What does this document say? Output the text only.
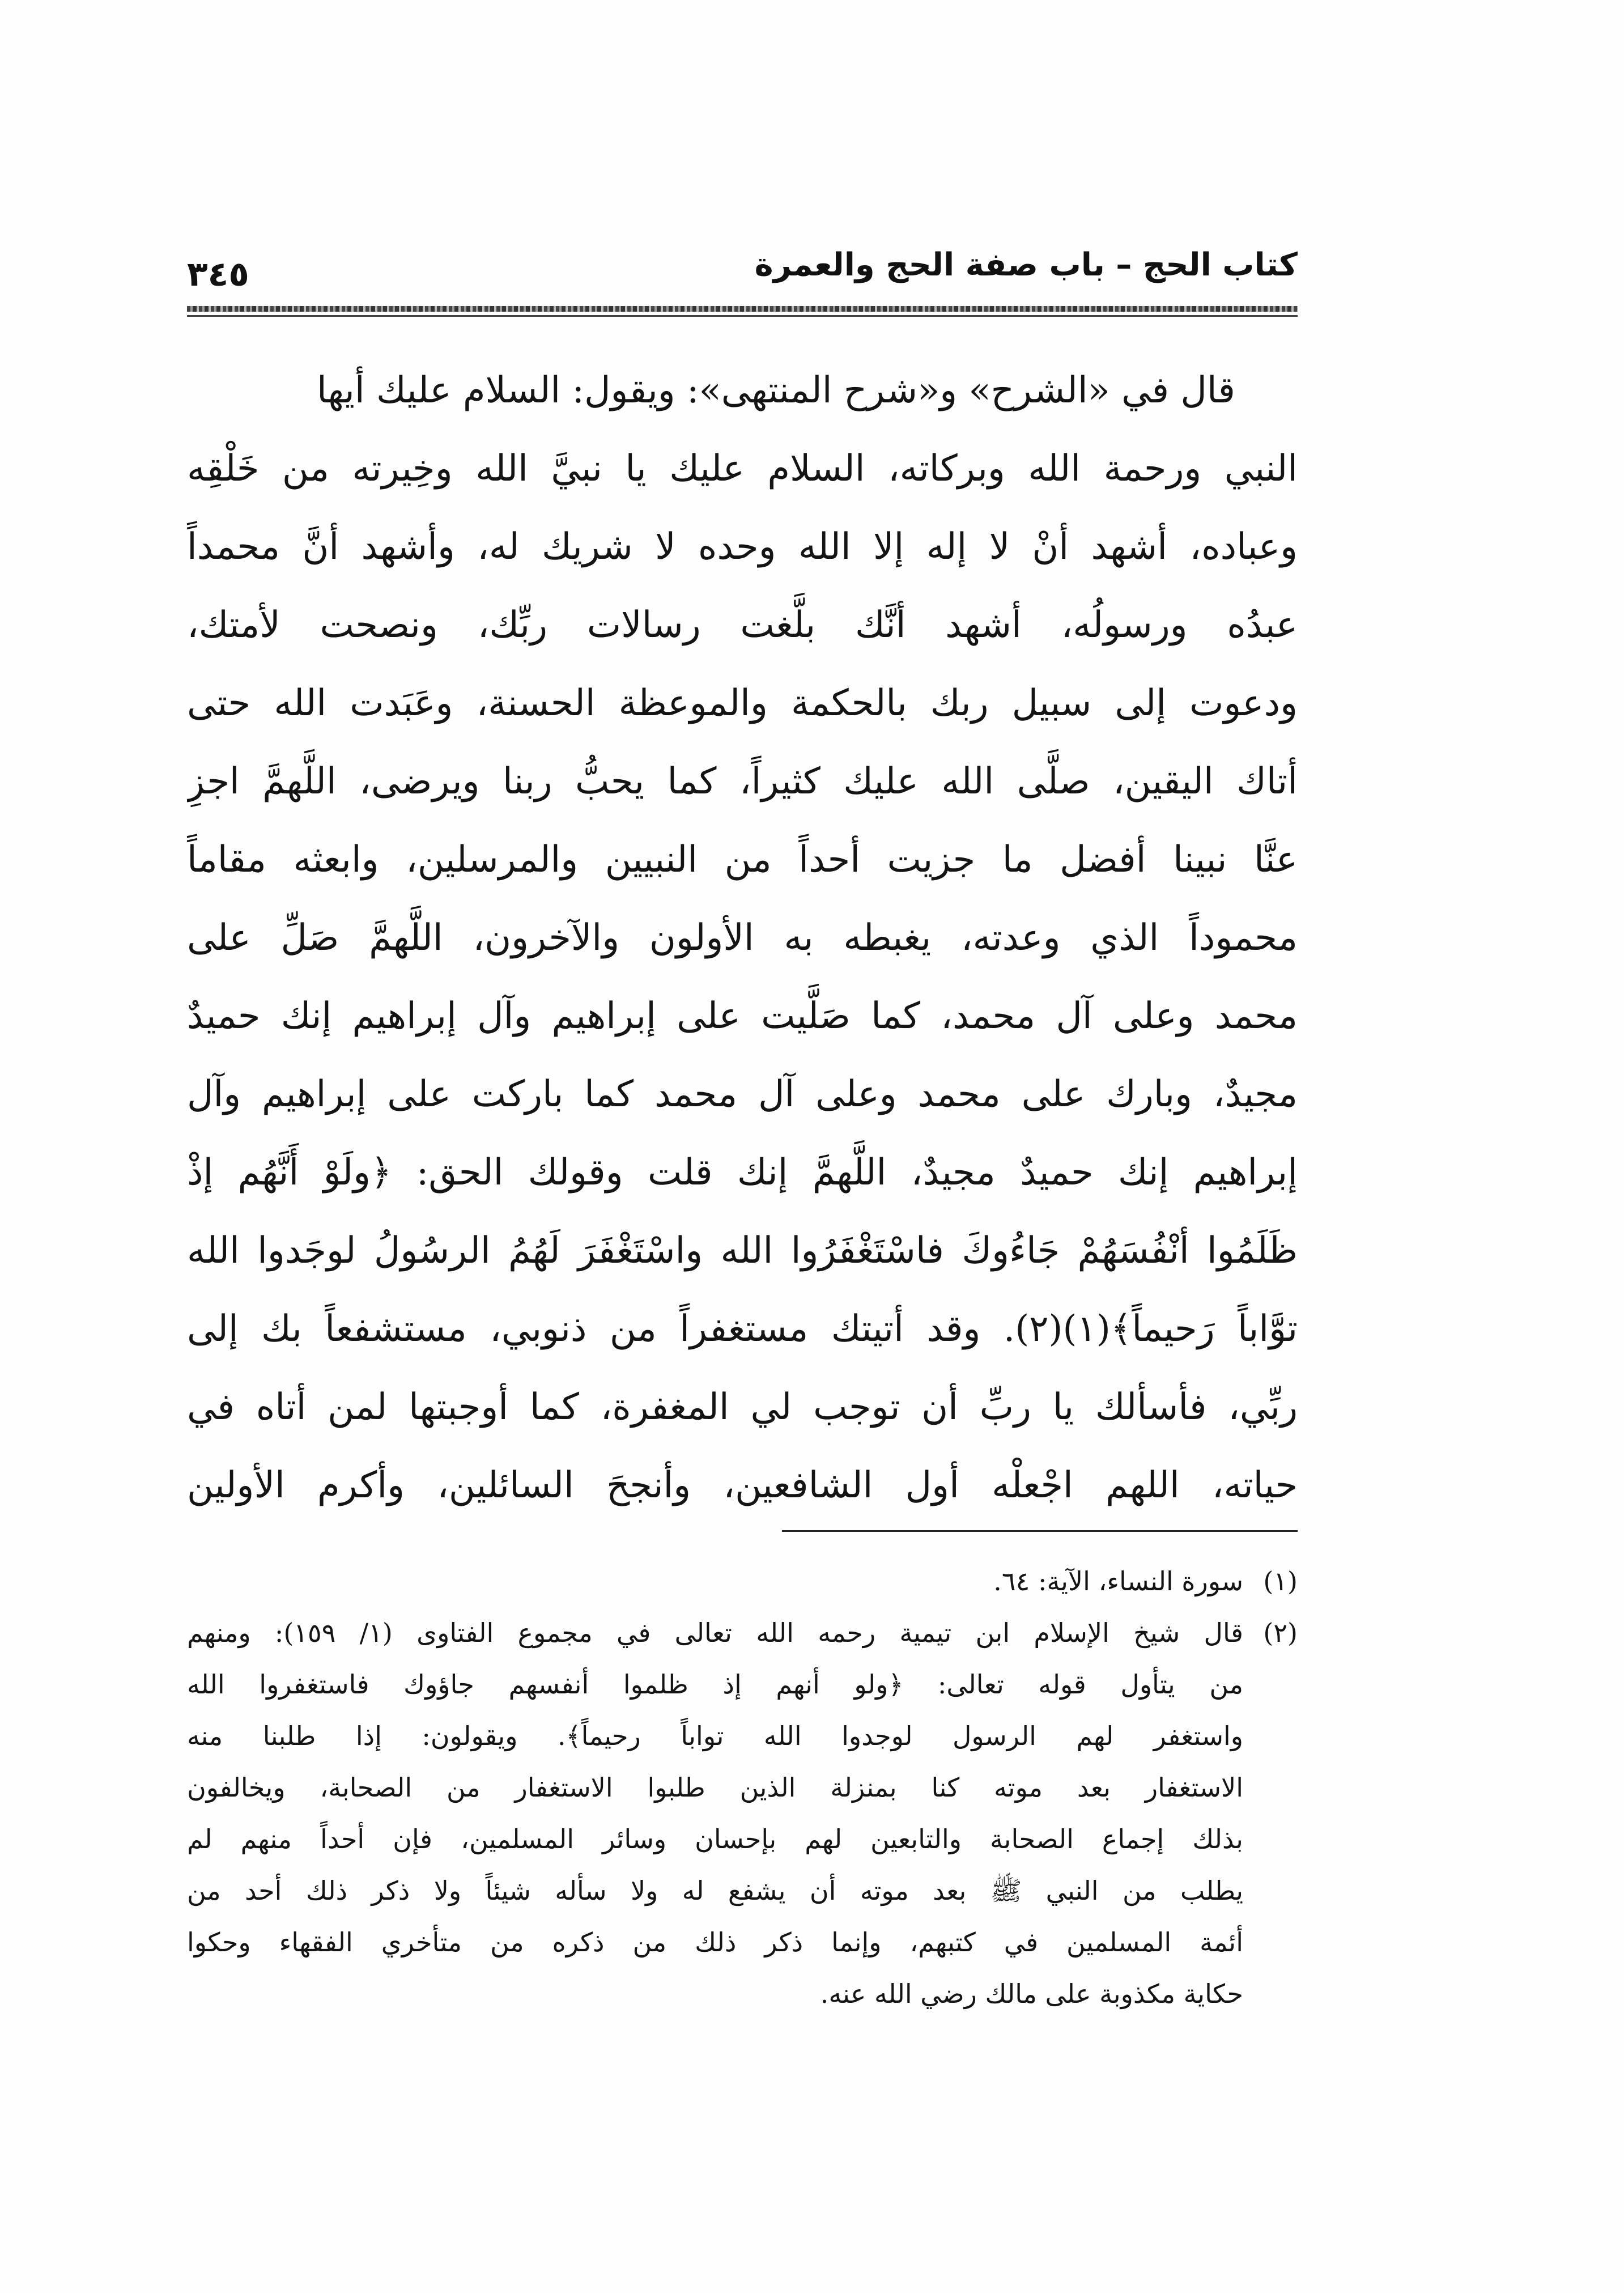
كتاب الحج – باب صفة الحج والعمرة
٣٤٥
قال في «الشرح» و«شرح المنتهى»: ويقول: السلام عليك أيها
النبي ورحمة الله وبركاته، السلام عليك يا نبيَّ الله وخِيرته من خَلْقِه
وعباده، أشهد أنْ لا إله إلا الله وحده لا شريك له، وأشهد أنَّ محمداً
عبدُه ورسولُه، أشهد أنَّك بلَّغت رسالات ربِّك، ونصحت لأمتك،
ودعوت إلى سبيل ربك بالحكمة والموعظة الحسنة، وعَبَدت الله حتى
أتاك اليقين، صلَّى الله عليك كثيراً، كما يحبُّ ربنا ويرضى، اللَّهمَّ اجزِ
عنَّا نبينا أفضل ما جزيت أحداً من النبيين والمرسلين، وابعثه مقاماً
محموداً الذي وعدته، يغبطه به الأولون والآخرون، اللَّهمَّ صَلِّ على
محمد وعلى آل محمد، كما صَلَّيت على إبراهيم وآل إبراهيم إنك حميدٌ
مجيدٌ، وبارك على محمد وعلى آل محمد كما باركت على إبراهيم وآل
إبراهيم إنك حميدٌ مجيدٌ، اللَّهمَّ إنك قلت وقولك الحق: ﴿ولَوْ أَنَّهُم إذْ
ظَلَمُوا أنْفُسَهُمْ جَاءُوكَ فاسْتَغْفَرُوا الله واسْتَغْفَرَ لَهُمُ الرسُولُ لوجَدوا الله
توَّاباً رَحيماً﴾(١)(٢). وقد أتيتك مستغفراً من ذنوبي، مستشفعاً بك إلى
ربِّي، فأسألك يا ربِّ أن توجب لي المغفرة، كما أوجبتها لمن أتاه في
حياته، اللهم اجْعلْه أول الشافعين، وأنجحَ السائلين، وأكرم الأولين
(١)
سورة النساء، الآية: ٦٤.
(٢)
قال شيخ الإسلام ابن تيمية رحمه الله تعالى في مجموع الفتاوى (١/ ١٥٩): ومنهم
من يتأول قوله تعالى: ﴿ولو أنهم إذ ظلموا أنفسهم جاؤوك فاستغفروا الله
واستغفر لهم الرسول لوجدوا الله تواباً رحيماً﴾. ويقولون: إذا طلبنا منه
الاستغفار بعد موته كنا بمنزلة الذين طلبوا الاستغفار من الصحابة، ويخالفون
بذلك إجماع الصحابة والتابعين لهم بإحسان وسائر المسلمين، فإن أحداً منهم لم
يطلب من النبي ﷺ بعد موته أن يشفع له ولا سأله شيئاً ولا ذكر ذلك أحد من
أئمة المسلمين في كتبهم، وإنما ذكر ذلك من ذكره من متأخري الفقهاء وحكوا
حكاية مكذوبة على مالك رضي الله عنه.
